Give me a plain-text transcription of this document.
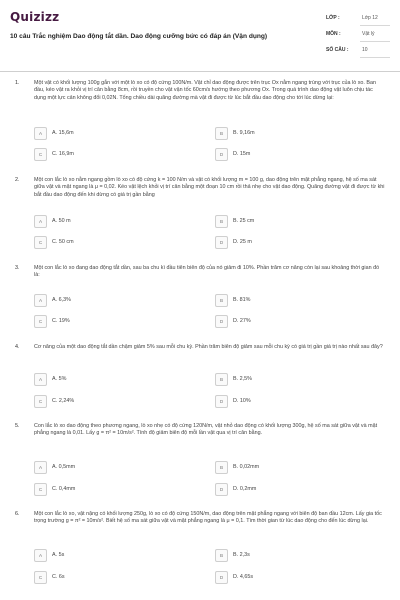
Quizizz
10 câu Trắc nghiệm Dao động tắt dần. Dao động cưỡng bức có đáp án (Vận dụng)
LỚP :	Lớp 12
MÔN :	Vật lý
SỐ CÂU :	10
1.	Một vật có khối lượng 100g gắn với một lò xo có độ cứng 100N/m. Vật chỉ dao động được trên trục Ox nằm ngang trùng với trục của lò xo. Ban đầu, kéo vật ra khỏi vị trí cân bằng 8cm, rồi truyền cho vật vận tốc 60cm/s hướng theo phương Ox. Trong quá trình dao động vật luôn chịu tác dụng một lực cản không đổi 0,02N. Tổng chiều dài quãng đường mà vật đi được từ lúc bắt đầu dao động cho tới lúc dừng lại:
A	A. 15,6m	B	B. 9,16m
C	C. 16,9m	D	D. 15m
2.	Một con lắc lò xo nằm ngang gồm lò xo có độ cứng k = 100 N/m và vật có khối lượng m = 100 g, dao động trên mặt phẳng ngang, hệ số ma sát giữa vật và mặt ngang là μ = 0,02. Kéo vật lệch khỏi vị trí cân bằng một đoạn 10 cm rồi thả nhẹ cho vật dao động. Quãng đường vật đi được từ khi bắt đầu dao động đến khi dừng có giá trị gần bằng
A	A. 50 m	B	B. 25 cm
C	C. 50 cm	D	D. 25 m
3.	Một con lắc lò xo đang dao động tắt dần, sau ba chu kì đầu tiên biên độ của nó giảm đi 10%. Phần trăm cơ năng còn lại sau khoảng thời gian đó là:
A	A. 6,3%	B	B. 81%
C	C. 19%	D	D. 27%
4.	Cơ năng của một dao động tắt dần chậm giảm 5% sau mỗi chu kỳ. Phần trăm biên độ giảm sau mỗi chu kỳ có giá trị gần giá trị nào nhất sau đây?
A	A. 5%	B	B. 2,5%
C	C. 2,24%	D	D. 10%
5.	Con lắc lò xo dao động theo phương ngang, lò xo nhẹ có độ cứng 120N/m, vật nhỏ dao động có khối lượng 300g, hệ số ma sát giữa vật và mặt phẳng ngang là 0,01. Lấy g = π² = 10m/s². Tính độ giảm biên độ mỗi lần vật qua vị trí cân bằng.
A	A. 0,5mm	B	B. 0,02mm
C	C. 0,4mm	D	D. 0,2mm
6.	Một con lắc lò xo, vật nặng có khối lượng 250g, lò xo có độ cứng 150N/m, dao động trên mặt phẳng ngang với biên độ ban đầu 12cm. Lấy gia tốc trọng trường g = π² = 10m/s². Biết hệ số ma sát giữa vật và mặt phẳng ngang là μ = 0,1. Tìm thời gian từ lúc dao động cho đến lúc dừng lại.
A	A. 5s	B	B. 2,3s
C	C. 6s	D	D. 4,65s
